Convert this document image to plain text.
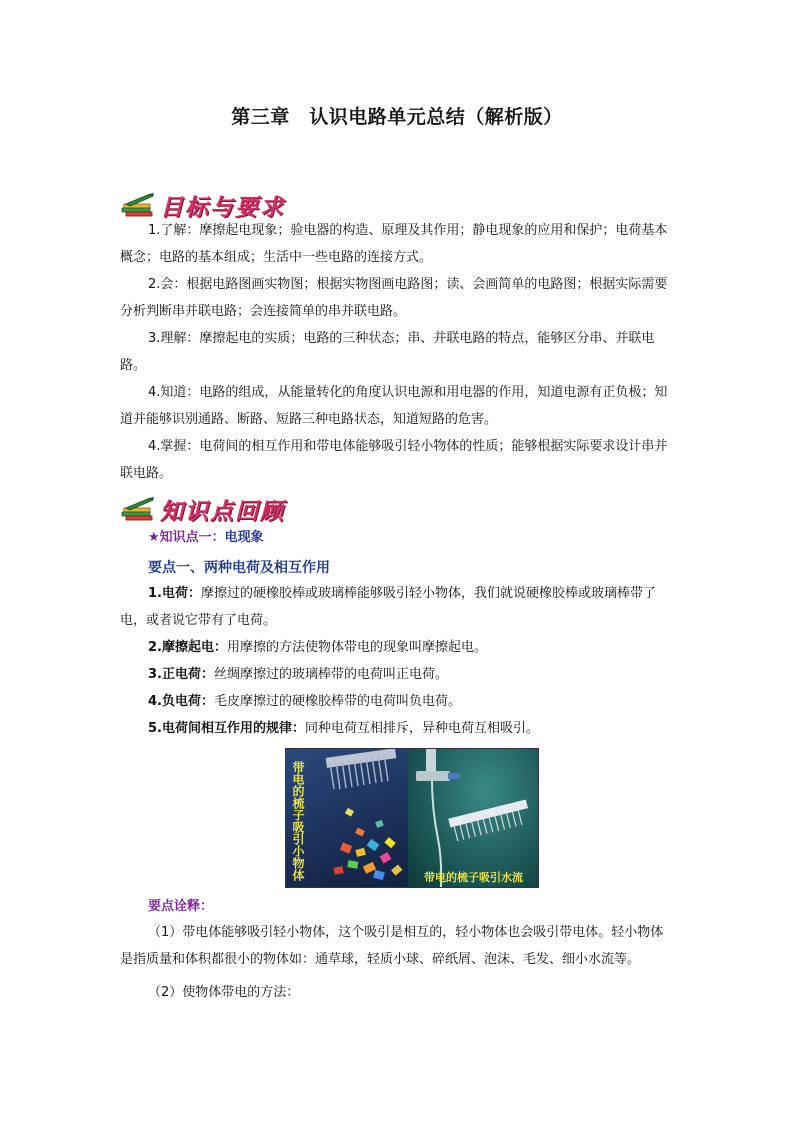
第三章　认识电路单元总结（解析版）
目标与要求

1.了解：摩擦起电现象；验电器的构造、原理及其作用；静电现象的应用和保护；电荷基本概念；电路的基本组成；生活中一些电路的连接方式。

2.会：根据电路图画实物图；根据实物图画电路图；读、会画简单的电路图；根据实际需要分析判断串并联电路；会连接简单的串并联电路。

3.理解：摩擦起电的实质；电路的三种状态；串、并联电路的特点，能够区分串、并联电路。

4.知道：电路的组成，从能量转化的角度认识电源和用电器的作用，知道电源有正负极；知道并能够识别通路、断路、短路三种电路状态，知道短路的危害。

4.掌握：电荷间的相互作用和带电体能够吸引轻小物体的性质；能够根据实际要求设计串并联电路。

知识点回顾
★知识点一：电现象
要点一、两种电荷及相互作用
1.电荷：摩擦过的硬橡胶棒或玻璃棒能够吸引轻小物体，我们就说硬橡胶棒或玻璃棒带了电，或者说它带有了电荷。
2.摩擦起电：用摩擦的方法使物体带电的现象叫摩擦起电。
3.正电荷：丝绸摩擦过的玻璃棒带的电荷叫正电荷。
4.负电荷：毛皮摩擦过的硬橡胶棒带的电荷叫负电荷。
5.电荷间相互作用的规律：同种电荷互相排斥，异种电荷互相吸引。
带电的梳子吸引小物体	带电的梳子吸引水流
要点诠释：

（1）带电体能够吸引轻小物体，这个吸引是相互的，轻小物体也会吸引带电体。轻小物体是指质量和体积都很小的物体如：通草球，轻质小球、碎纸屑、泡沫、毛发、细小水流等。

（2）使物体带电的方法：
